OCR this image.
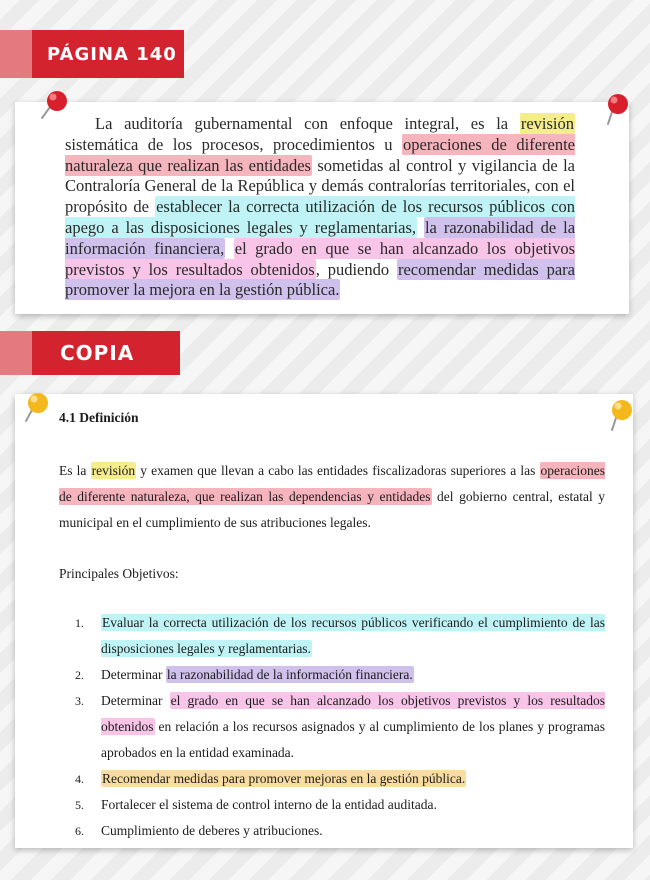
PÁGINA 140

La auditoría gubernamental con enfoque integral, es la revisión sistemática de los procesos, procedimientos u operaciones de diferente naturaleza que realizan las entidades sometidas al control y vigilancia de la Contraloría General de la República y demás contralorías territoriales, con el propósito de establecer la correcta utilización de los recursos públicos con apego a las disposiciones legales y reglamentarias, la razonabilidad de la información financiera, el grado en que se han alcanzado los objetivos previstos y los resultados obtenidos, pudiendo recomendar medidas para promover la mejora en la gestión pública.

COPIA
4.1 Definición

Es la revisión y examen que llevan a cabo las entidades fiscalizadoras superiores a las operaciones de diferente naturaleza, que realizan las dependencias y entidades del gobierno central, estatal y municipal en el cumplimiento de sus atribuciones legales.

Principales Objetivos:
1.	Evaluar la correcta utilización de los recursos públicos verificando el cumplimiento de las disposiciones legales y reglamentarias.
2.	Determinar la razonabilidad de la información financiera.
3.	Determinar el grado en que se han alcanzado los objetivos previstos y los resultados obtenidos en relación a los recursos asignados y al cumplimiento de los planes y programas aprobados en la entidad examinada.
4.	Recomendar medidas para promover mejoras en la gestión pública.
5.	Fortalecer el sistema de control interno de la entidad auditada.
6.	Cumplimiento de deberes y atribuciones.
